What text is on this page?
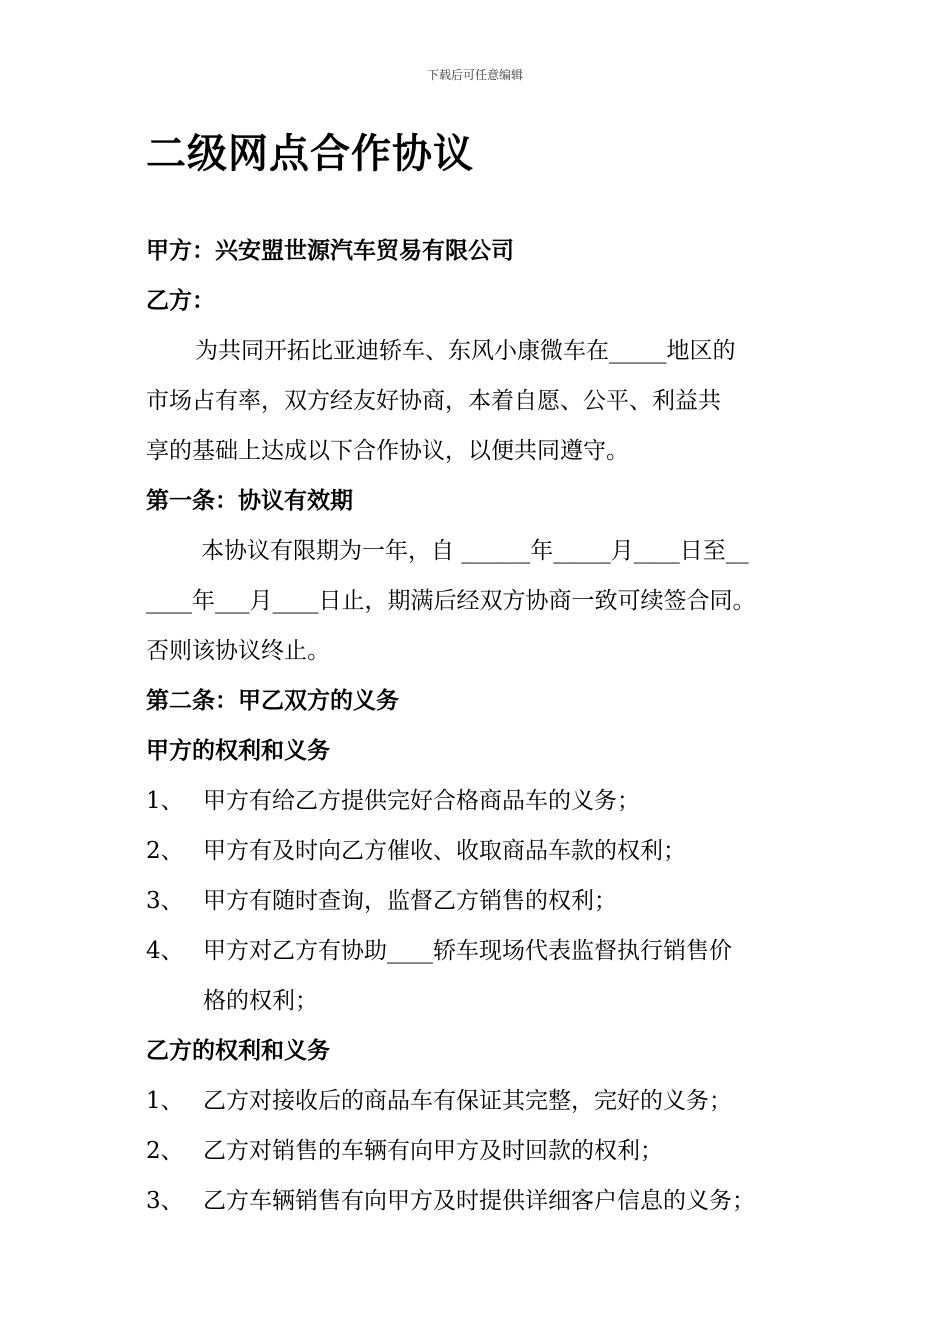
下载后可任意编辑
二级网点合作协议
甲方：兴安盟世源汽车贸易有限公司
乙方：
为共同开拓比亚迪轿车、东风小康微车在_____地区的
市场占有率，双方经友好协商，本着自愿、公平、利益共
享的基础上达成以下合作协议，以便共同遵守。
第一条：协议有效期
本协议有限期为一年，自 ______年_____月____日至__
____年___月____日止，期满后经双方协商一致可续签合同。
否则该协议终止。
第二条：甲乙双方的义务
甲方的权利和义务
1、 甲方有给乙方提供完好合格商品车的义务；
2、 甲方有及时向乙方催收、收取商品车款的权利；
3、 甲方有随时查询，监督乙方销售的权利；
4、 甲方对乙方有协助____轿车现场代表监督执行销售价
格的权利；
乙方的权利和义务
1、 乙方对接收后的商品车有保证其完整，完好的义务；
2、 乙方对销售的车辆有向甲方及时回款的权利；
3、 乙方车辆销售有向甲方及时提供详细客户信息的义务；
